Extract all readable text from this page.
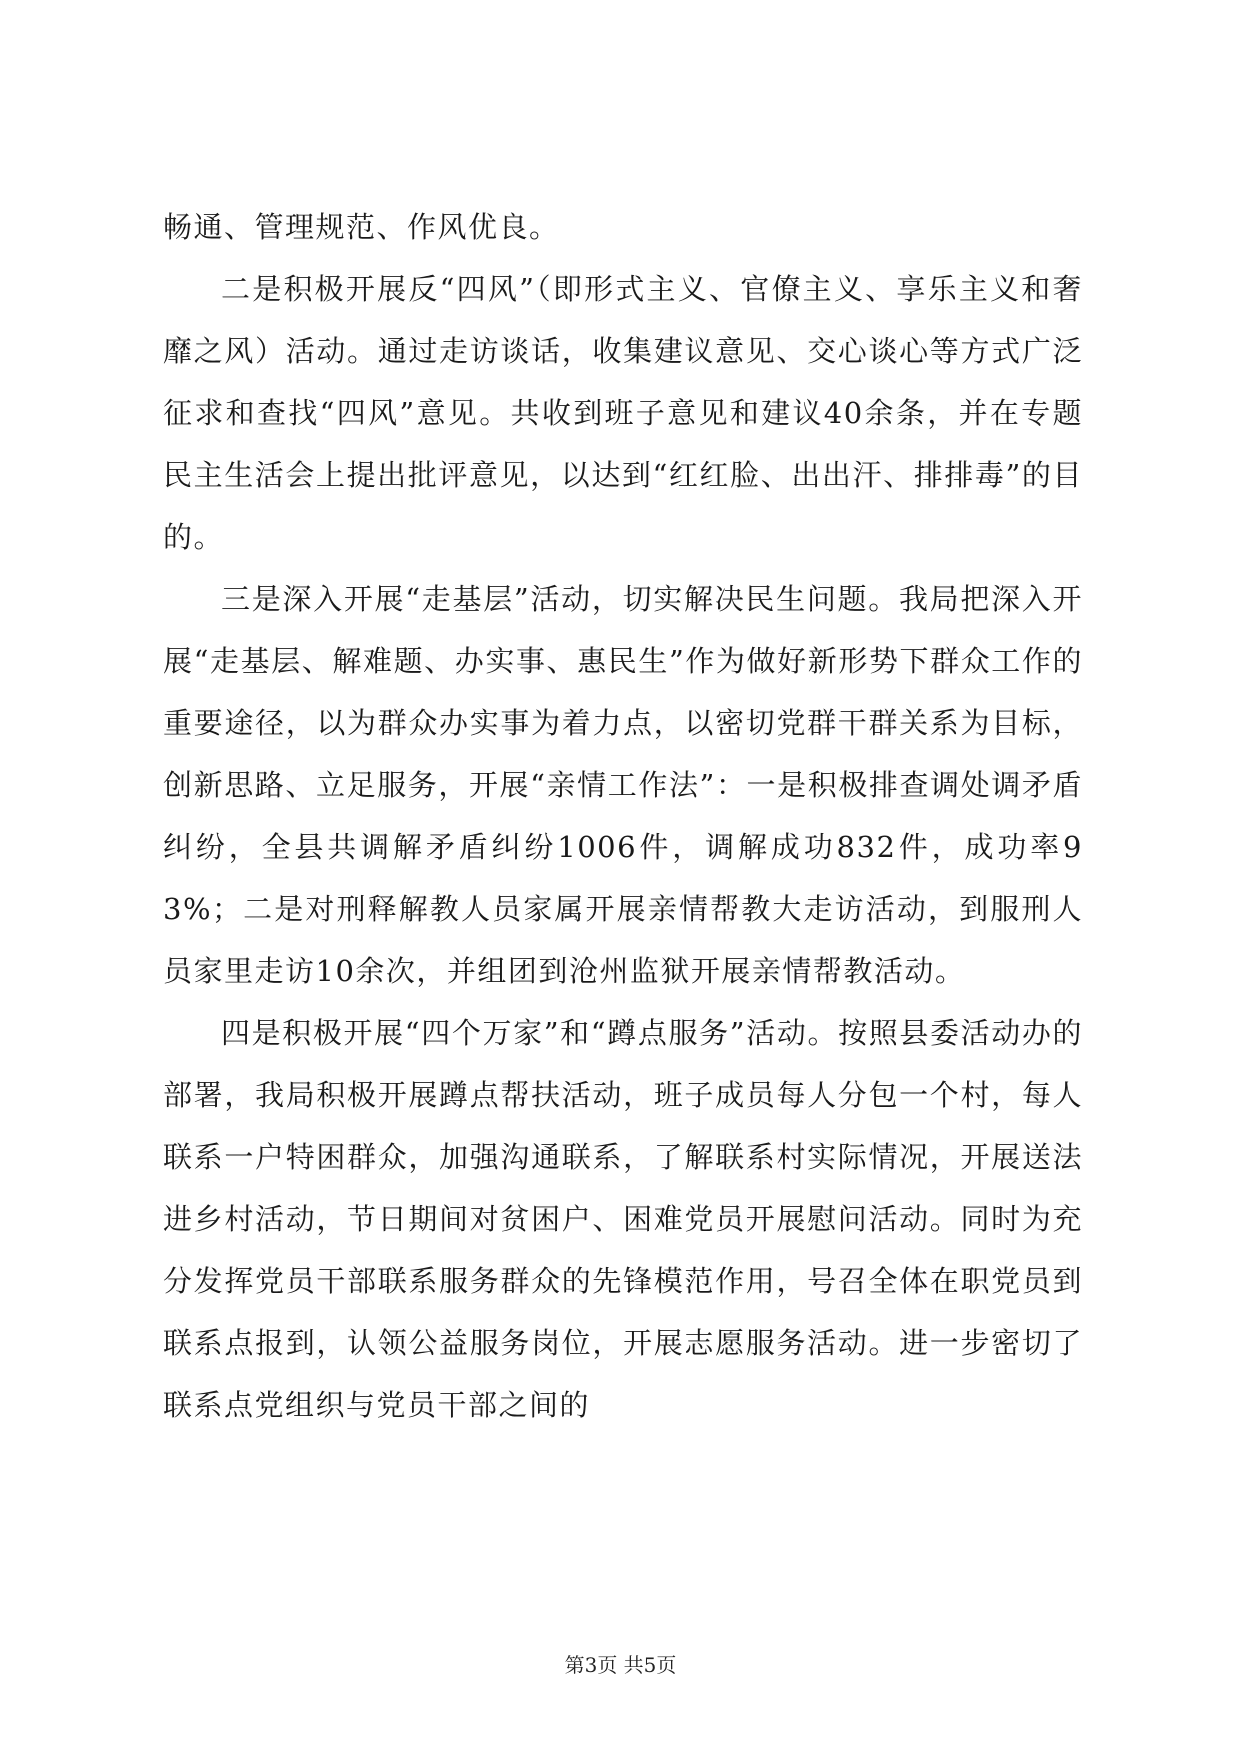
畅通、管理规范、作风优良。

二是积极开展反“四风”（即形式主义、官僚主义、享乐主义和奢靡之风）活动。通过走访谈话，收集建议意见、交心谈心等方式广泛征求和查找“四风”意见。共收到班子意见和建议40余条，并在专题民主生活会上提出批评意见，以达到“红红脸、出出汗、排排毒”的目的。

三是深入开展“走基层”活动，切实解决民生问题。我局把深入开展“走基层、解难题、办实事、惠民生”作为做好新形势下群众工作的重要途径，以为群众办实事为着力点，以密切党群干群关系为目标，创新思路、立足服务，开展“亲情工作法”：一是积极排查调处调矛盾纠纷，全县共调解矛盾纠纷1006件，调解成功832件，成功率93%；二是对刑释解教人员家属开展亲情帮教大走访活动，到服刑人员家里走访10余次，并组团到沧州监狱开展亲情帮教活动。

四是积极开展“四个万家”和“蹲点服务”活动。按照县委活动办的部署，我局积极开展蹲点帮扶活动，班子成员每人分包一个村，每人联系一户特困群众，加强沟通联系，了解联系村实际情况，开展送法进乡村活动，节日期间对贫困户、困难党员开展慰问活动。同时为充分发挥党员干部联系服务群众的先锋模范作用，号召全体在职党员到联系点报到，认领公益服务岗位，开展志愿服务活动。进一步密切了联系点党组织与党员干部之间的

第3页 共5页
